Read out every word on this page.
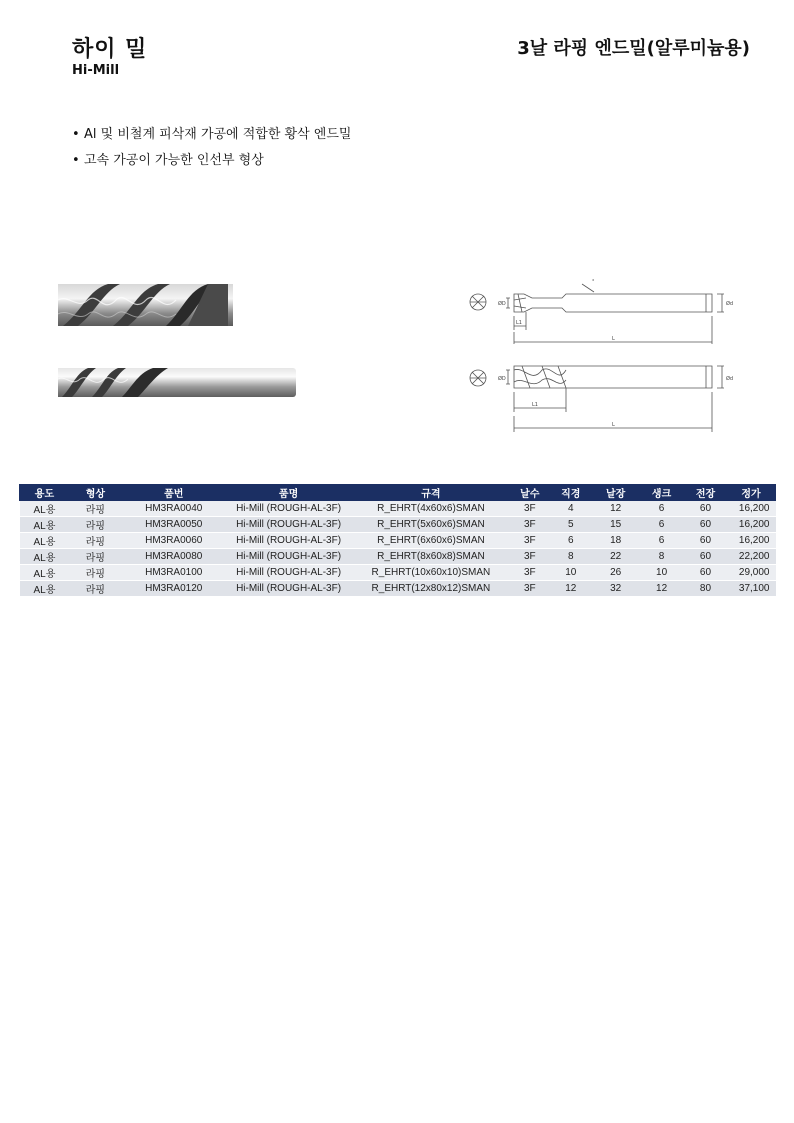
하이 밀
Hi-Mill
3날 라핑 엔드밀(알루미늄용)
• Al 및 비철계 피삭재 가공에 적합한 황삭 엔드밀
• 고속 가공이 가능한 인선부 형상
°
L1
L
Ød
ØD
L1
L
Ød
ØD
용도	형상	품번	품명	규격	날수	직경	날장	생크	전장	정가
AL용	라핑	HM3RA0040	Hi-Mill (ROUGH-AL-3F)	R_EHRT(4x60x6)SMAN	3F	4	12	6	60	16,200
AL용	라핑	HM3RA0050	Hi-Mill (ROUGH-AL-3F)	R_EHRT(5x60x6)SMAN	3F	5	15	6	60	16,200
AL용	라핑	HM3RA0060	Hi-Mill (ROUGH-AL-3F)	R_EHRT(6x60x6)SMAN	3F	6	18	6	60	16,200
AL용	라핑	HM3RA0080	Hi-Mill (ROUGH-AL-3F)	R_EHRT(8x60x8)SMAN	3F	8	22	8	60	22,200
AL용	라핑	HM3RA0100	Hi-Mill (ROUGH-AL-3F)	R_EHRT(10x60x10)SMAN	3F	10	26	10	60	29,000
AL용	라핑	HM3RA0120	Hi-Mill (ROUGH-AL-3F)	R_EHRT(12x80x12)SMAN	3F	12	32	12	80	37,100
